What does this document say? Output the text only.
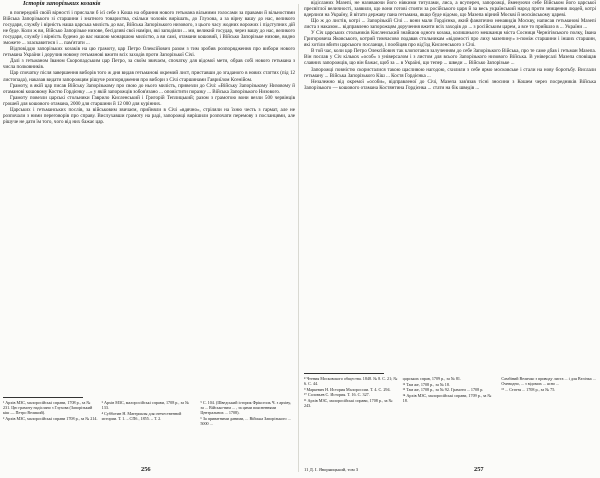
Історія запорізьких козаків

в попередній своїй вірності і прислали б ієї себе з Коша на обрання нового гетьмана вільними голосами за правами й вільностями Війська Запорізького зі старшини і знатного товариства, скільки чоловік вирішать, до Глухова, а за вірну вашу до нас, великого государя, службу і вірність наша царська милість до вас, Війська Запорізького низового, з цього часу жодних ворожих і підступних дій не буде. Коли ж ви, Військо Запорізьке низове, бесідливі свої наміри, які заподіяли ... ми, великий государ, через вашу до нас, великого государя, службу і вірність будемо до вас нашою монаршою милістю, а ви самі, отамани кошовий, і Військо Запорізьке низове, видно зможете ... зласкавитися і ... пам'ятати ...

Відповіддю запорізьких козаків на цю грамоту, цар Петро Олексійович разом з тим зробив розпорядження про вибори нового гетьмана України і доручив новому гетьманові вжити всіх заходів проти Запорізької Січі.

Далі з гетьманом Іваном Скоропадським цар Петро, за своїм звичаєм, спочатку для відомої мети, обрав собі нового гетьмана з числа полковників.

Цар спочатку після завершення виборів того ж дня видав гетьманові окремий лист, приставши до згаданого в нових статтях (під 12 листопада), наказав видати запорожцям рішуче розпорядження про вибори з Січі старшинами Гавриїлом Ксенійом.

Грамоту, в якій цар писав Війську Запорізькому про свою до нього милість, привезли до Січі: «Війську Запорізькому Низовому й отаманові кошовому Костю Гордієнку ...» у якій запорожців зобов'язано ... оповістити поразку ... Війська Запорізького Низового.

Грамоту повезли царські стольники Гаврило Кисленський і Григорій Теплицький; разом з грамотою вони везли 500 червінців грошей для кошового отамана, 2000 для старшини й 12 000 для курінних.

Царських і гетьманських послів, за військовим звичаєм, прийняли в Січі «вдячно», стріляли на їхню честь з гармат, але не розпочали з ними переговорів про справу. Вислухавши грамоту на раді, запорожці вирішили розпочати перемову з посланцями, але рішуче не дати їм того, чого від них бажає цар.

¹ Архів МЗС, малоросійські справи, 1708 р., за № 231. Цю грамоту надіслано з Глухова (Запорізький кіш — Петро Великий).
² Архів МЗС, малоросійські справи 1708 р., за № 214.
³ Архів МЗС, малоросійські справи, 1708 р., за № 133.
⁴ Субботин Н. Материалы для отечественной истории. Т. 1. – СПб., 1855. – Т. 2.
⁵ С. 104. (Шведський історик Фрікселль Ч. з архіву, за ... Військо-вим ... , за цими поясненнями Центральних ... 1708).
⁶ За приватними даними, ... Війська Запорізького ... 5000 ...
256

відісланих Мазепі, не називаючи його ніякими титулами, лиса, а всупереч, запорожці, йменуючи себе Військом його царської пресвітлої величності, заявили, що вони готові стояти за російського царя й за весь український народ проти знищення людей, котрі вдерлися на Україну, й вітати державу пана гетьмана, якщо буде відомо, що Мазепа вірний Москві й москівському цареві.

Що ж до листів, котрі ... Запорізькій Січі ... вони мали Гордієнко, який фанатично ненавидів Москву, написав гетьманові Мазепі листа з наказом... відправлено запорожцям доручення вжити всіх заходів до ... з російським царем, а все то прийшло в ... України ...

У Січ царських стольників Кисленський знайшов одного козака, колишнього мешканця міста Сосниця Чернігівського полку, Івана Григоровича Яковського, котрий тимчасово подавав стольникам «відомості про лиху мазепину» з-поміж старшини і інших старшин, які хотіли вбити царського посланця, і пообіцяв про від'їзд Кисленського з Січі.

В той час, коли цар Петро Олексійович так клопотався залученням до себе Запорізького Війська, про те саме дбав і гетьман Мазепа. Він послав у Січ кількох «особ» з універсалом і з листом для всього Запорізького низового Війська. В універсалі Мазепа сповіщав славних запорожців, що він бажає, щоб за ... в Україні, що тепер ... шведи ... Військо Запорізьке ...

Запорожці повністю скористалися такою щасливою нагодою, схилили з себе ярмо московське і стали на нову боротьбу. Вислали гетьману ... Війська Запорізького Кіш ... Костя Гордієнка ...

Незалежно від окремої «особи», відправленої до Січі, Мазепа зав'язав тісні зносини з Кошем через посредників Війська Запорізького — кошового отамана Костянтина Гордієнка ... стати на бік шведів ...

⁸ Чтения Московского общества. 1848. № 8. С. 21; № 6. С. 44.
⁹ Маркевич Н. История Малороссии. Т. 4. С. 294.
¹⁰ Соловьев С. История. Т. 16. С. 327.
¹¹ Архів МЗС, малоросійські справи, 1708 р., за № 243.
царських справ, 1709 р., за № 81.
¹² Там же, 1708 р., за № 18.
¹³ Там же, 1708 р., за № 92. Грамоти ... 1708 р.
¹⁴ Архів МЗС, малоросійські справи, 1709 р., за № 18.
Самбіний Величко з приводу листа ... і для Велічка ... Очевидно, ... з відомих ... ясно ...
¹⁵ ... Стаття ... 1708 р., за № 75.
11 Д. І. Яворницький, том 3	257
